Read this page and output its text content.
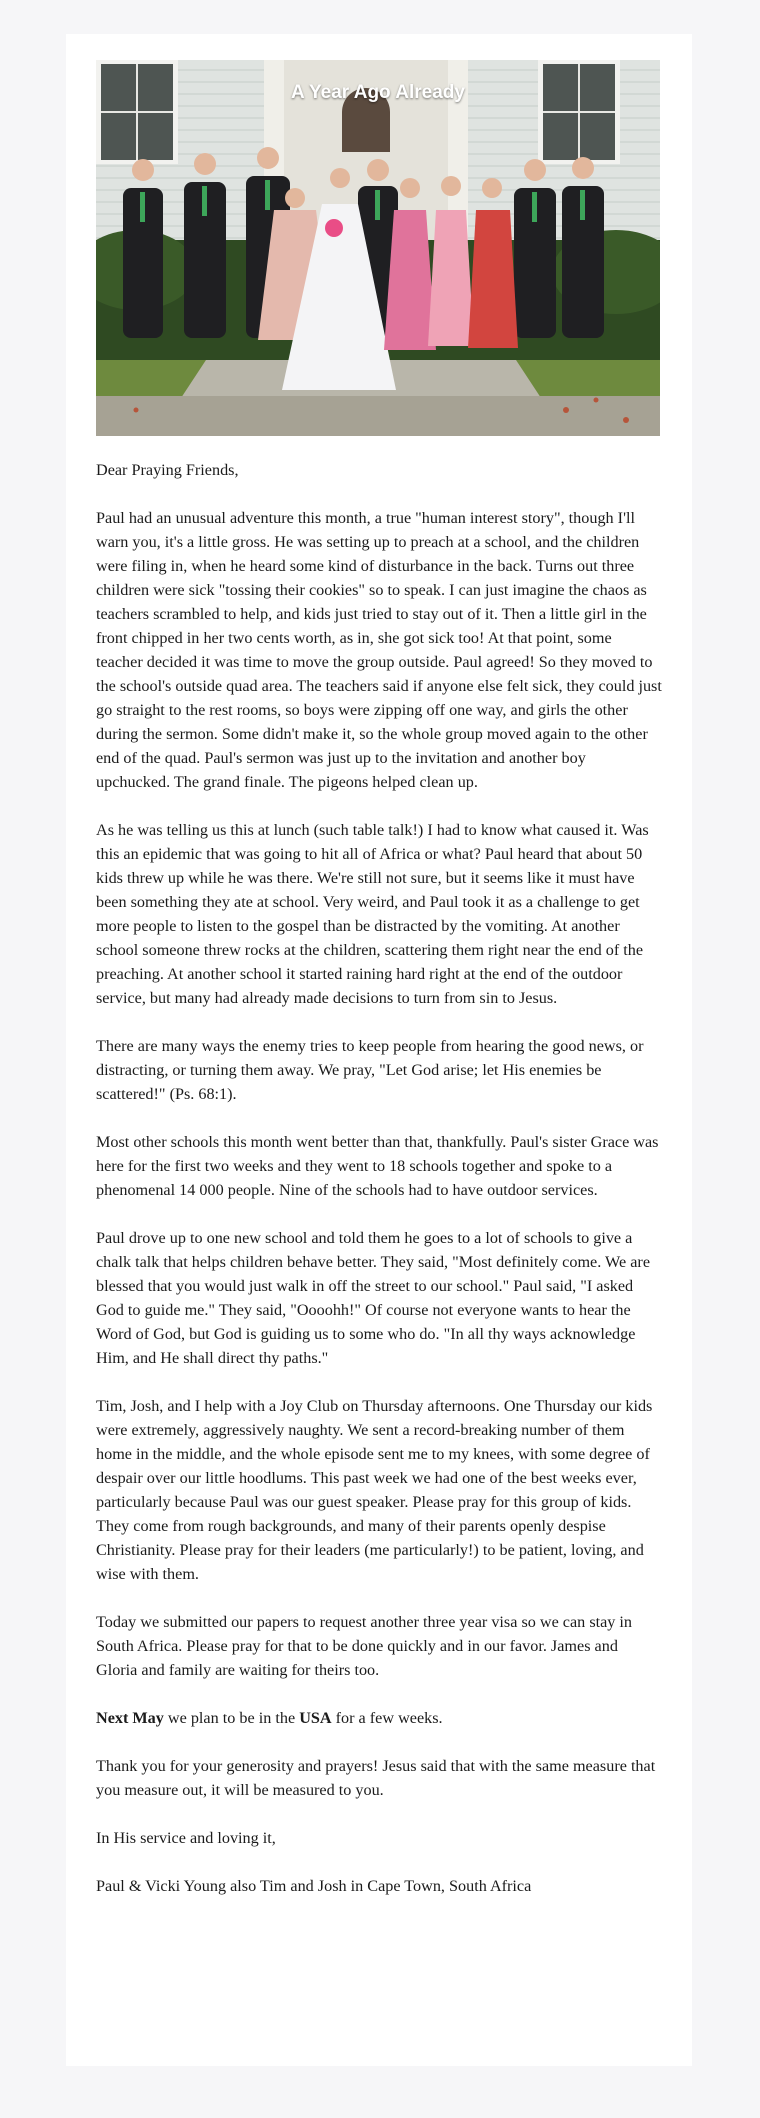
A Year Ago Already

Dear Praying Friends,

Paul had an unusual adventure this month, a true "human interest story", though I'll warn you, it's a little gross. He was setting up to preach at a school, and the children were filing in, when he heard some kind of disturbance in the back. Turns out three children were sick "tossing their cookies" so to speak. I can just imagine the chaos as teachers scrambled to help, and kids just tried to stay out of it. Then a little girl in the front chipped in her two cents worth, as in, she got sick too! At that point, some teacher decided it was time to move the group outside. Paul agreed! So they moved to the school's outside quad area. The teachers said if anyone else felt sick, they could just go straight to the rest rooms, so boys were zipping off one way, and girls the other during the sermon. Some didn't make it, so the whole group moved again to the other end of the quad. Paul's sermon was just up to the invitation and another boy upchucked. The grand finale. The pigeons helped clean up.

As he was telling us this at lunch (such table talk!) I had to know what caused it. Was this an epidemic that was going to hit all of Africa or what? Paul heard that about 50 kids threw up while he was there. We're still not sure, but it seems like it must have been something they ate at school. Very weird, and Paul took it as a challenge to get more people to listen to the gospel than be distracted by the vomiting. At another school someone threw rocks at the children, scattering them right near the end of the preaching. At another school it started raining hard right at the end of the outdoor service, but many had already made decisions to turn from sin to Jesus.

There are many ways the enemy tries to keep people from hearing the good news, or distracting, or turning them away. We pray, "Let God arise; let His enemies be scattered!" (Ps. 68:1).

Most other schools this month went better than that, thankfully. Paul's sister Grace was here for the first two weeks and they went to 18 schools together and spoke to a phenomenal 14 000 people. Nine of the schools had to have outdoor services.

Paul drove up to one new school and told them he goes to a lot of schools to give a chalk talk that helps children behave better. They said, "Most definitely come. We are blessed that you would just walk in off the street to our school." Paul said, "I asked God to guide me." They said, "Oooohh!" Of course not everyone wants to hear the Word of God, but God is guiding us to some who do. "In all thy ways acknowledge Him, and He shall direct thy paths."

Tim, Josh, and I help with a Joy Club on Thursday afternoons. One Thursday our kids were extremely, aggressively naughty. We sent a record-breaking number of them home in the middle, and the whole episode sent me to my knees, with some degree of despair over our little hoodlums. This past week we had one of the best weeks ever, particularly because Paul was our guest speaker. Please pray for this group of kids. They come from rough backgrounds, and many of their parents openly despise Christianity. Please pray for their leaders (me particularly!) to be patient, loving, and wise with them.

Today we submitted our papers to request another three year visa so we can stay in South Africa. Please pray for that to be done quickly and in our favor. James and Gloria and family are waiting for theirs too.

Next May we plan to be in the USA for a few weeks.

Thank you for your generosity and prayers! Jesus said that with the same measure that you measure out, it will be measured to you.

In His service and loving it,

Paul & Vicki Young also Tim and Josh in Cape Town, South Africa
